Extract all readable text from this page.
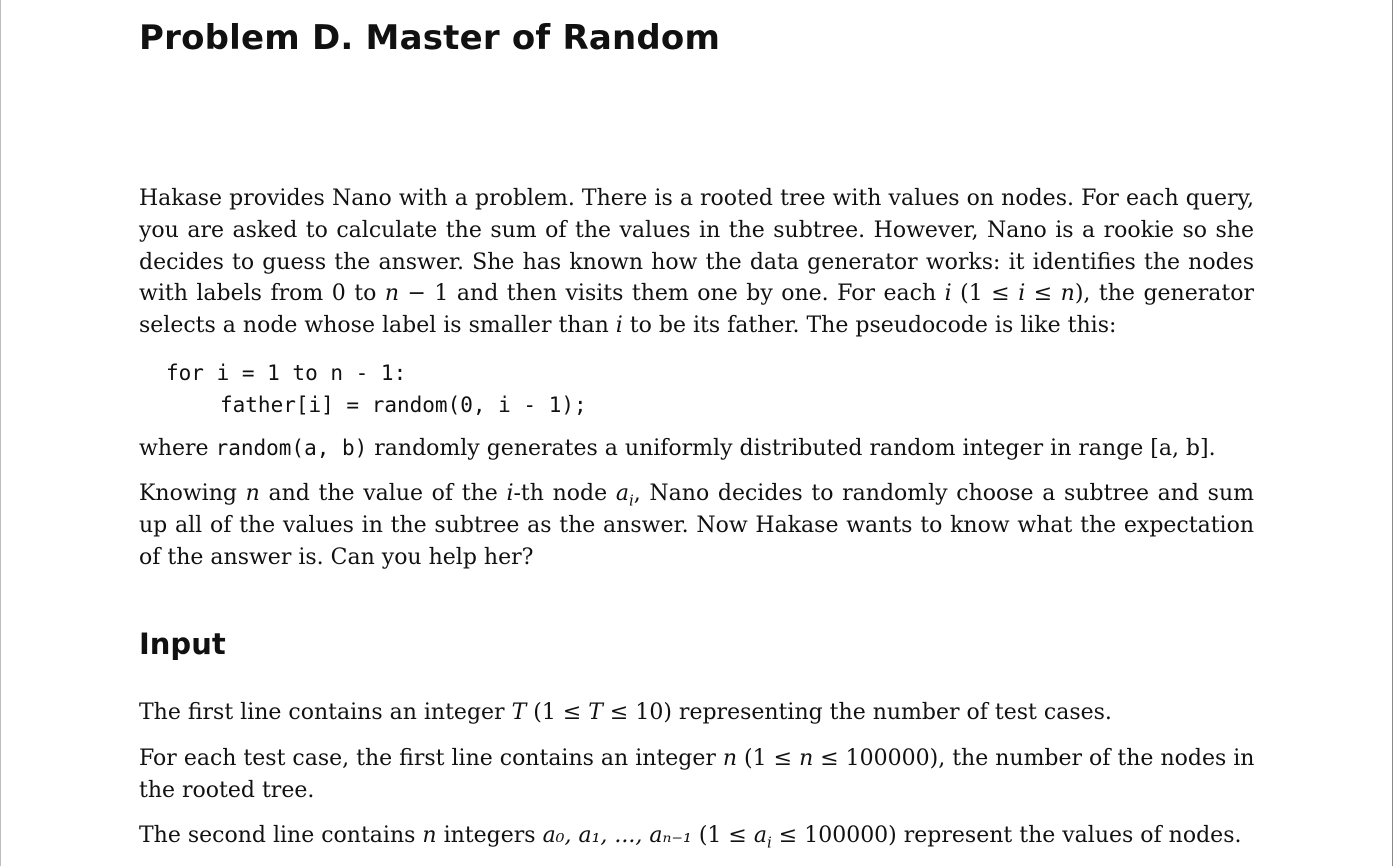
Problem D. Master of Random
Hakase provides Nano with a problem. There is a rooted tree with values on nodes. For each query,
you are asked to calculate the sum of the values in the subtree. However, Nano is a rookie so she
decides to guess the answer. She has known how the data generator works: it identifies the nodes
with labels from 0 to n − 1 and then visits them one by one. For each i (1 ≤ i ≤ n), the generator
selects a node whose label is smaller than i to be its father. The pseudocode is like this:
for i = 1 to n - 1:

father[i] = random(0, i - 1);
where random(a, b) randomly generates a uniformly distributed random integer in range [a, b].
Knowing n and the value of the i-th node $a_i$, Nano decides to randomly choose a subtree and sum
up all of the values in the subtree as the answer. Now Hakase wants to know what the expectation
of the answer is. Can you help her?
Input
The first line contains an integer T (1 ≤ T ≤ 10) representing the number of test cases.
For each test case, the first line contains an integer n (1 ≤ n ≤ 100000), the number of the nodes in
the rooted tree.
The second line contains n integers a₀, a₁, ..., aₙ₋₁ $(1 \le a_i \le 100000)$ represent the values of nodes.
